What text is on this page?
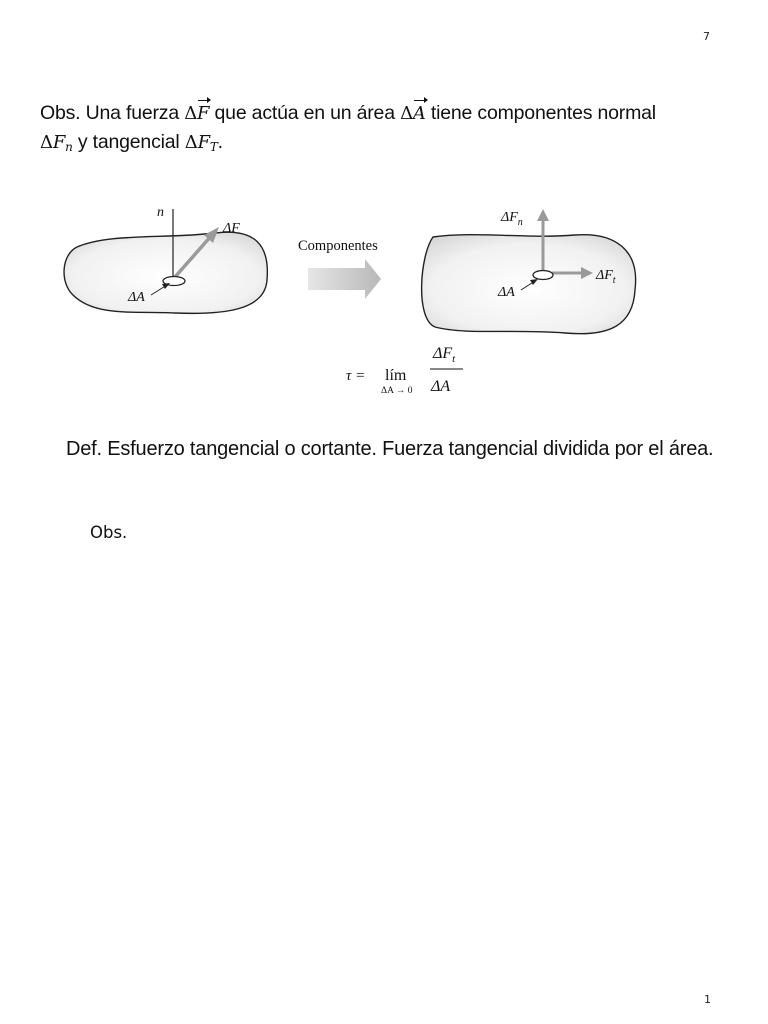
7
Obs. Una fuerza ΔF que actúa en un área ΔA tiene componentes normal
$\Delta F_n$ y tangencial $\Delta F_T$.
n
ΔF
ΔA
Componentes
$\Delta F_n$
$\Delta F_t$
ΔA
τ = lím
ΔA → 0
$\Delta F_t$
ΔA
Def. Esfuerzo tangencial o cortante. Fuerza tangencial dividida por el área.
Obs.
1
